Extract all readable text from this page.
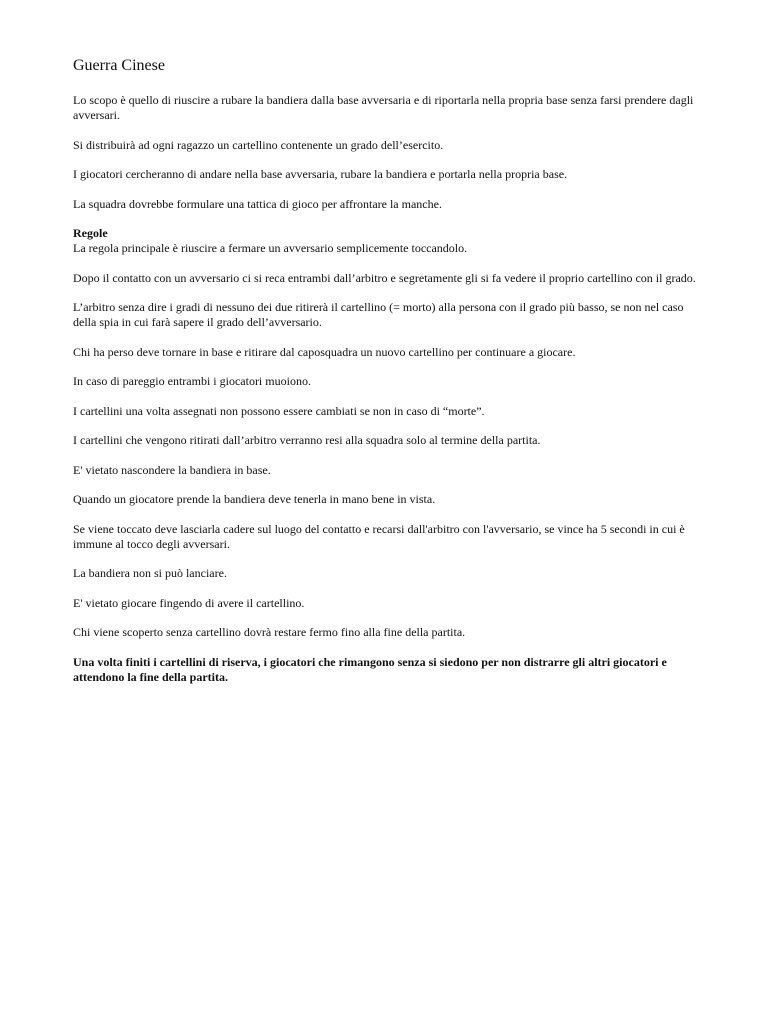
Guerra Cinese

Lo scopo è quello di riuscire a rubare la bandiera dalla base avversaria e di riportarla nella propria base senza farsi prendere dagli avversari.

Si distribuirà ad ogni ragazzo un cartellino contenente un grado dell’esercito.

I giocatori cercheranno di andare nella base avversaria, rubare la bandiera e portarla nella propria base.

La squadra dovrebbe formulare una tattica di gioco per affrontare la manche.

Regole

La regola principale è riuscire a fermare un avversario semplicemente toccandolo.

Dopo il contatto con un avversario ci si reca entrambi dall’arbitro e segretamente gli si fa vedere il proprio cartellino con il grado.

L’arbitro senza dire i gradi di nessuno dei due ritirerà il cartellino (= morto) alla persona con il grado più basso, se non nel caso della spia in cui farà sapere il grado dell’avversario.

Chi ha perso deve tornare in base e ritirare dal caposquadra un nuovo cartellino per continuare a giocare.

In caso di pareggio entrambi i giocatori muoiono.

I cartellini una volta assegnati non possono essere cambiati se non in caso di “morte”.

I cartellini che vengono ritirati dall’arbitro verranno resi alla squadra solo al termine della partita.

E' vietato nascondere la bandiera in base.

Quando un giocatore prende la bandiera deve tenerla in mano bene in vista.

Se viene toccato deve lasciarla cadere sul luogo del contatto e recarsi dall'arbitro con l'avversario, se vince ha 5 secondi in cui è immune al tocco degli avversari.

La bandiera non si può lanciare.

E' vietato giocare fingendo di avere il cartellino.

Chi viene scoperto senza cartellino dovrà restare fermo fino alla fine della partita.

Una volta finiti i cartellini di riserva, i giocatori che rimangono senza si siedono per non distrarre gli altri giocatori e attendono la fine della partita.
